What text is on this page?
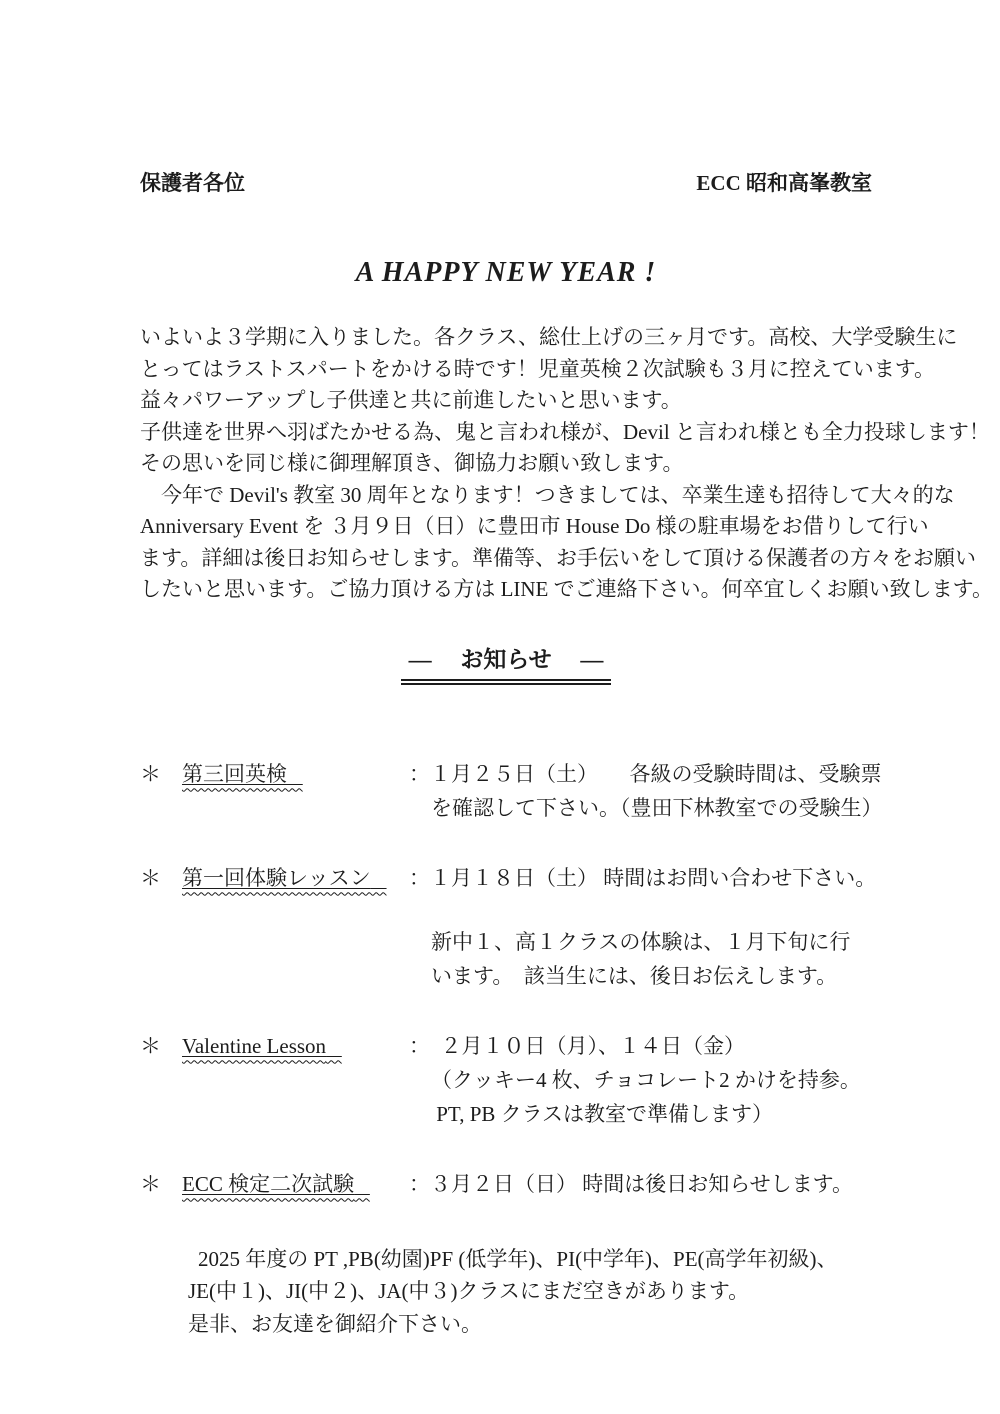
保護者各位	ECC 昭和高峯教室
A HAPPY NEW YEAR !
いよいよ３学期に入りました。各クラス、総仕上げの三ヶ月です。高校、大学受験生に
とってはラストスパートをかける時です！児童英検２次試験も３月に控えています。
益々パワーアップし子供達と共に前進したいと思います。
子供達を世界へ羽ばたかせる為、鬼と言われ様が、Devil と言われ様とも全力投球します！
その思いを同じ様に御理解頂き、御協力お願い致します。
　今年で Devil's 教室 30 周年となります！つきましては、卒業生達も招待して大々的な
Anniversary Event を ３月９日（日）に豊田市 House Do 様の駐車場をお借りして行い
ます。詳細は後日お知らせします。準備等、お手伝いをして頂ける保護者の方々をお願い
したいと思います。ご協力頂ける方は LINE でご連絡下さい。何卒宜しくお願い致します。
―　 お知らせ 　―
＊	第三回英検	：１月２５日（土）　　各級の受験時間は、受験票
を確認して下さい。（豊田下林教室での受験生）
＊	第一回体験レッスン	：１月１８日（土） 時間はお問い合わせ下さい。
新中１、高１クラスの体験は、１月下旬に行
います。　該当生には、後日お伝えします。
＊	Valentine Lesson	：　２月１０日（月）、１４日（金）
（クッキー4 枚、チョコレート2 かけを持参。
PT, PB クラスは教室で準備します）
＊	ECC 検定二次試験	：３月２日（日） 時間は後日お知らせします。
2025 年度の PT ,PB(幼園)PF (低学年)、PI(中学年)、PE(高学年初級)、
JE(中１)、JI(中２)、JA(中３)クラスにまだ空きがあります。
是非、お友達を御紹介下さい。
